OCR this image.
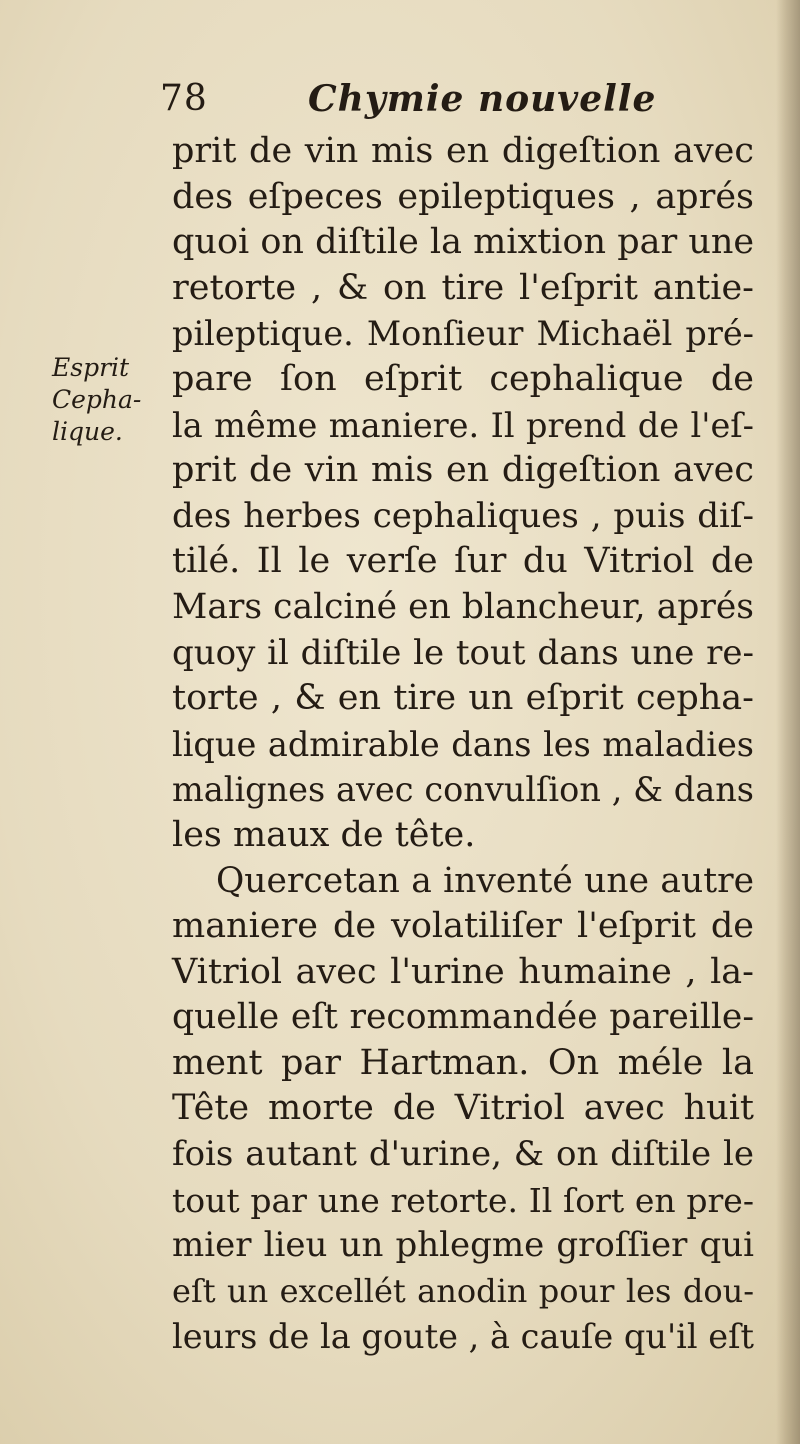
78	Chymie nouvelle
Esprit
Cepha-
lique.
prit de vin mis en digeſtion avec
des eſpeces epileptiques , aprés
quoi on diſtile la mixtion par une
retorte , & on tire l'eſprit antie-
pileptique. Monſieur Michaël pré-
pare ſon eſprit cephalique de
la même maniere. Il prend de l'eſ-
prit de vin mis en digeſtion avec
des herbes cephaliques , puis diſ-
tilé. Il le verſe ſur du Vitriol de
Mars calciné en blancheur, aprés
quoy il diſtile le tout dans une re-
torte , & en tire un eſprit cepha-
lique admirable dans les maladies
malignes avec convulſion , & dans
les maux de tête.
Quercetan a inventé une autre
maniere de volatiliſer l'eſprit de
Vitriol avec l'urine humaine , la-
quelle eſt recommandée pareille-
ment par Hartman. On méle la
Tête morte de Vitriol avec huit
fois autant d'urine, & on diſtile le
tout par une retorte. Il ſort en pre-
mier lieu un phlegme groſſier qui
eſt un excellét anodin pour les dou-
leurs de la goute , à cauſe qu'il eſt
